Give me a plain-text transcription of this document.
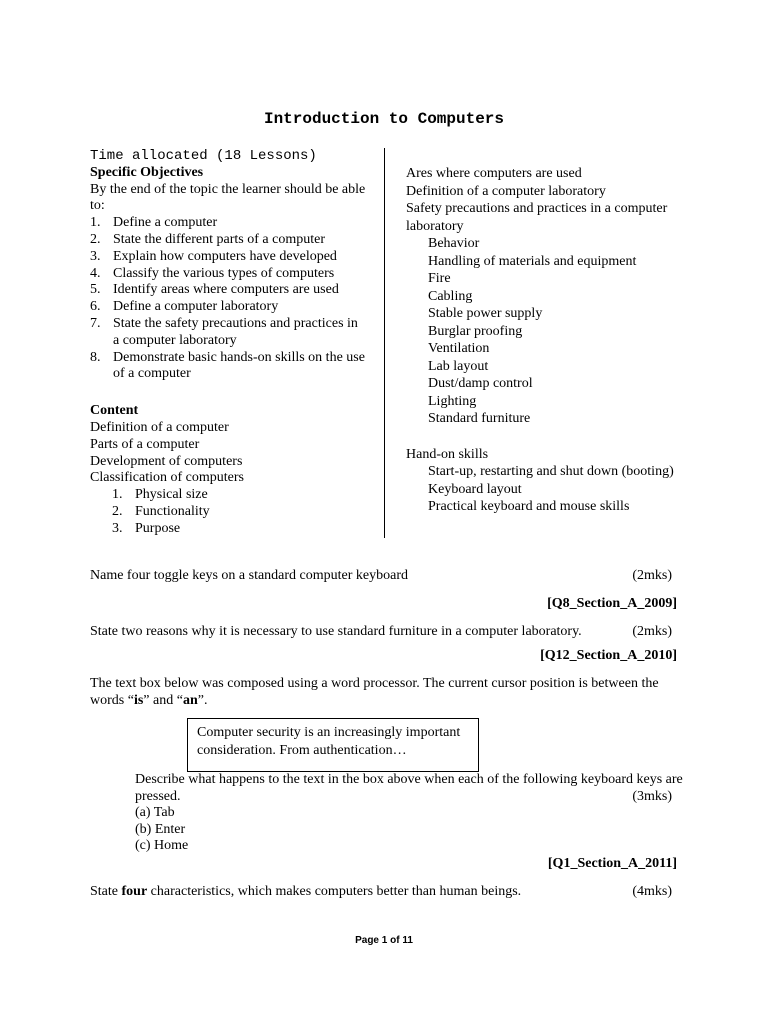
Introduction to Computers
Time allocated (18 Lessons)
Specific Objectives
By the end of the topic the learner should be able
to:
1. Define a computer
2. State the different parts of a computer
3. Explain how computers have developed
4. Classify the various types of computers
5. Identify areas where computers are used
6. Define a computer laboratory
7. State the safety precautions and practices in
a computer laboratory
8. Demonstrate basic hands-on skills on the use
of a computer
Content
Definition of a computer
Parts of a computer
Development of computers
Classification of computers
1. Physical size
2. Functionality
3. Purpose
Ares where computers are used
Definition of a computer laboratory
Safety precautions and practices in a computer
laboratory
Behavior
Handling of materials and equipment
Fire
Cabling
Stable power supply
Burglar proofing
Ventilation
Lab layout
Dust/damp control
Lighting
Standard furniture
Hand-on skills
Start-up, restarting and shut down (booting)
Keyboard layout
Practical keyboard and mouse skills
Name four toggle keys on a standard computer keyboard	(2mks)
[Q8_Section_A_2009]
State two reasons why it is necessary to use standard furniture in a computer laboratory.	(2mks)
[Q12_Section_A_2010]
The text box below was composed using a word processor. The current cursor position is between the
words “is” and “an”.
Computer security is an increasingly important
consideration. From authentication…
Describe what happens to the text in the box above when each of the following keyboard keys are
pressed.	(3mks)
(a) Tab
(b) Enter
(c) Home
[Q1_Section_A_2011]
State four characteristics, which makes computers better than human beings.	(4mks)
Page 1 of 11
